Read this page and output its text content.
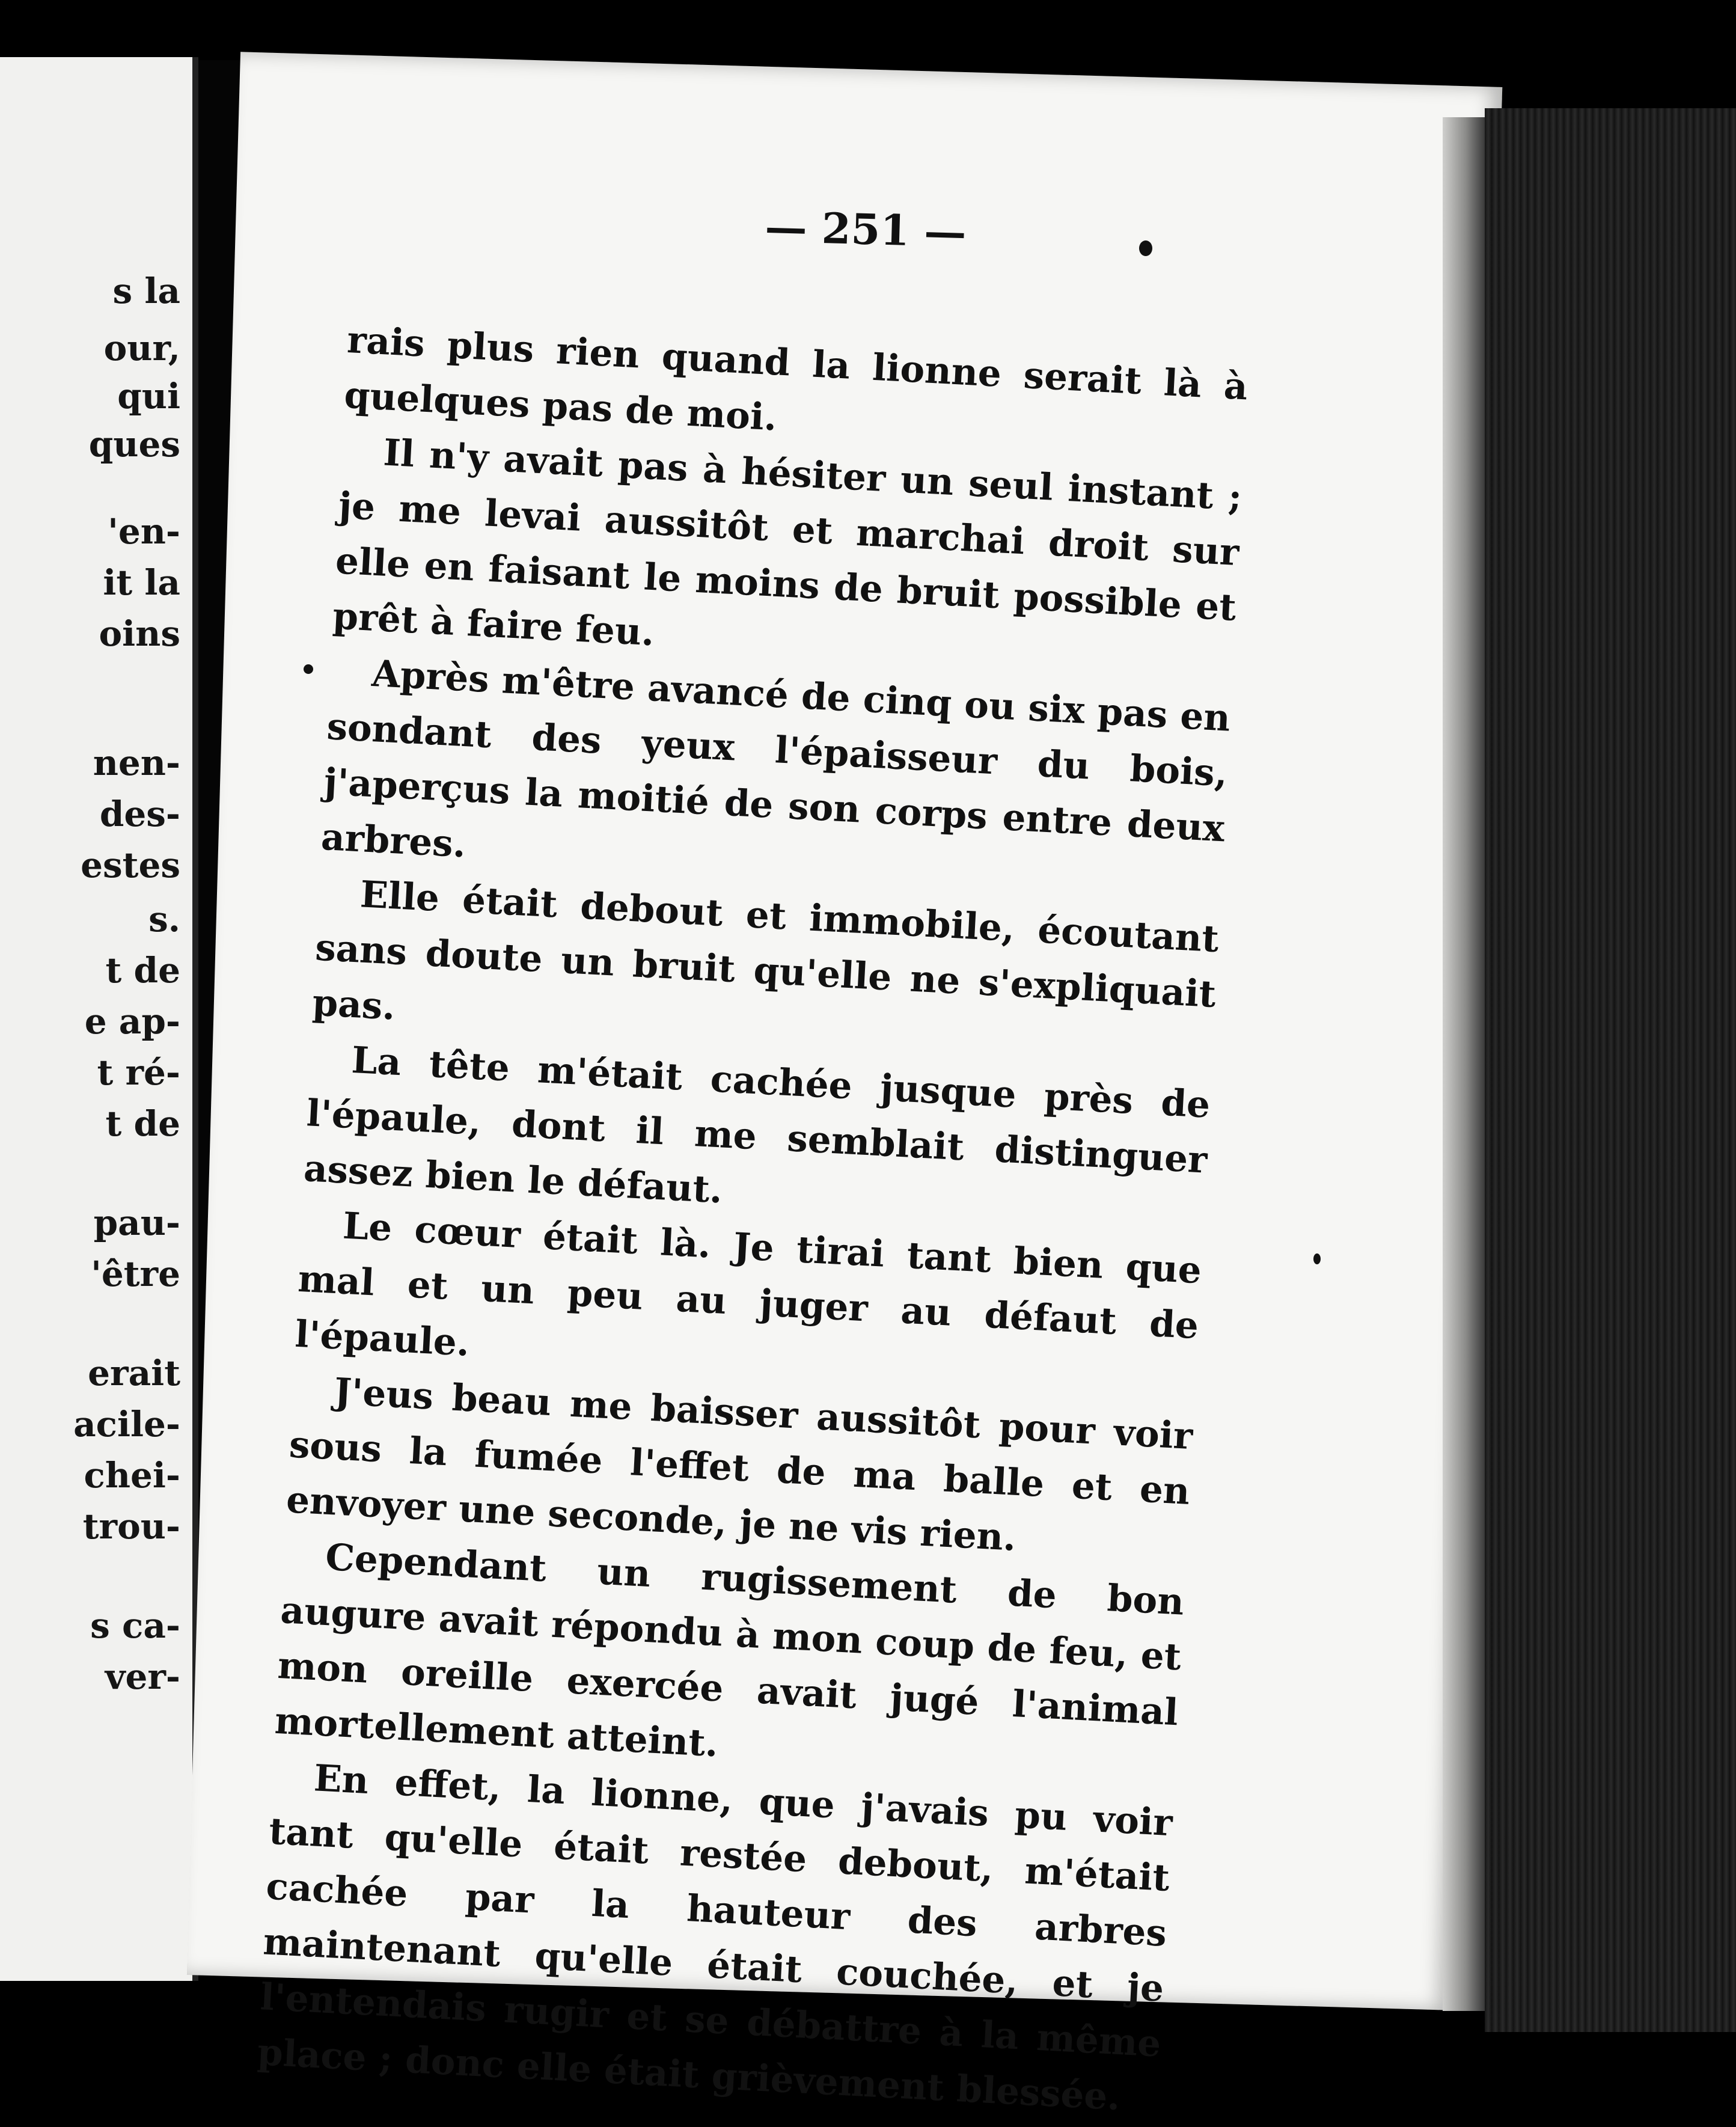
s la
our,
qui
ques
'en-
it la
oins
nen-
des-
estes
s.
t de
e ap-
t ré-
t de
pau-
'être
erait
acile-
chei-
trou-
s ca-
ver-
— 251 —

rais plus rien quand la lionne serait là à quelques pas de moi.

Il n'y avait pas à hésiter un seul instant ; je me levai aussitôt et marchai droit sur elle en faisant le moins de bruit possible et prêt à faire feu.

Après m'être avancé de cinq ou six pas en sondant des yeux l'épaisseur du bois, j'aperçus la moitié de son corps entre deux arbres.

Elle était debout et immobile, écoutant sans doute un bruit qu'elle ne s'expliquait pas.

La tête m'était cachée jusque près de l'épaule, dont il me semblait distinguer assez bien le défaut.

Le cœur était là. Je tirai tant bien que mal et un peu au juger au défaut de l'épaule.

J'eus beau me baisser aussitôt pour voir sous la fumée l'effet de ma balle et en envoyer une seconde, je ne vis rien.

Cependant un rugissement de bon augure avait répondu à mon coup de feu, et mon oreille exercée avait jugé l'animal mortellement atteint.

En effet, la lionne, que j'avais pu voir tant qu'elle était restée debout, m'était cachée par la hauteur des arbres maintenant qu'elle était couchée, et je l'entendais rugir et se débattre à la même place ; donc elle était grièvement blessée.
